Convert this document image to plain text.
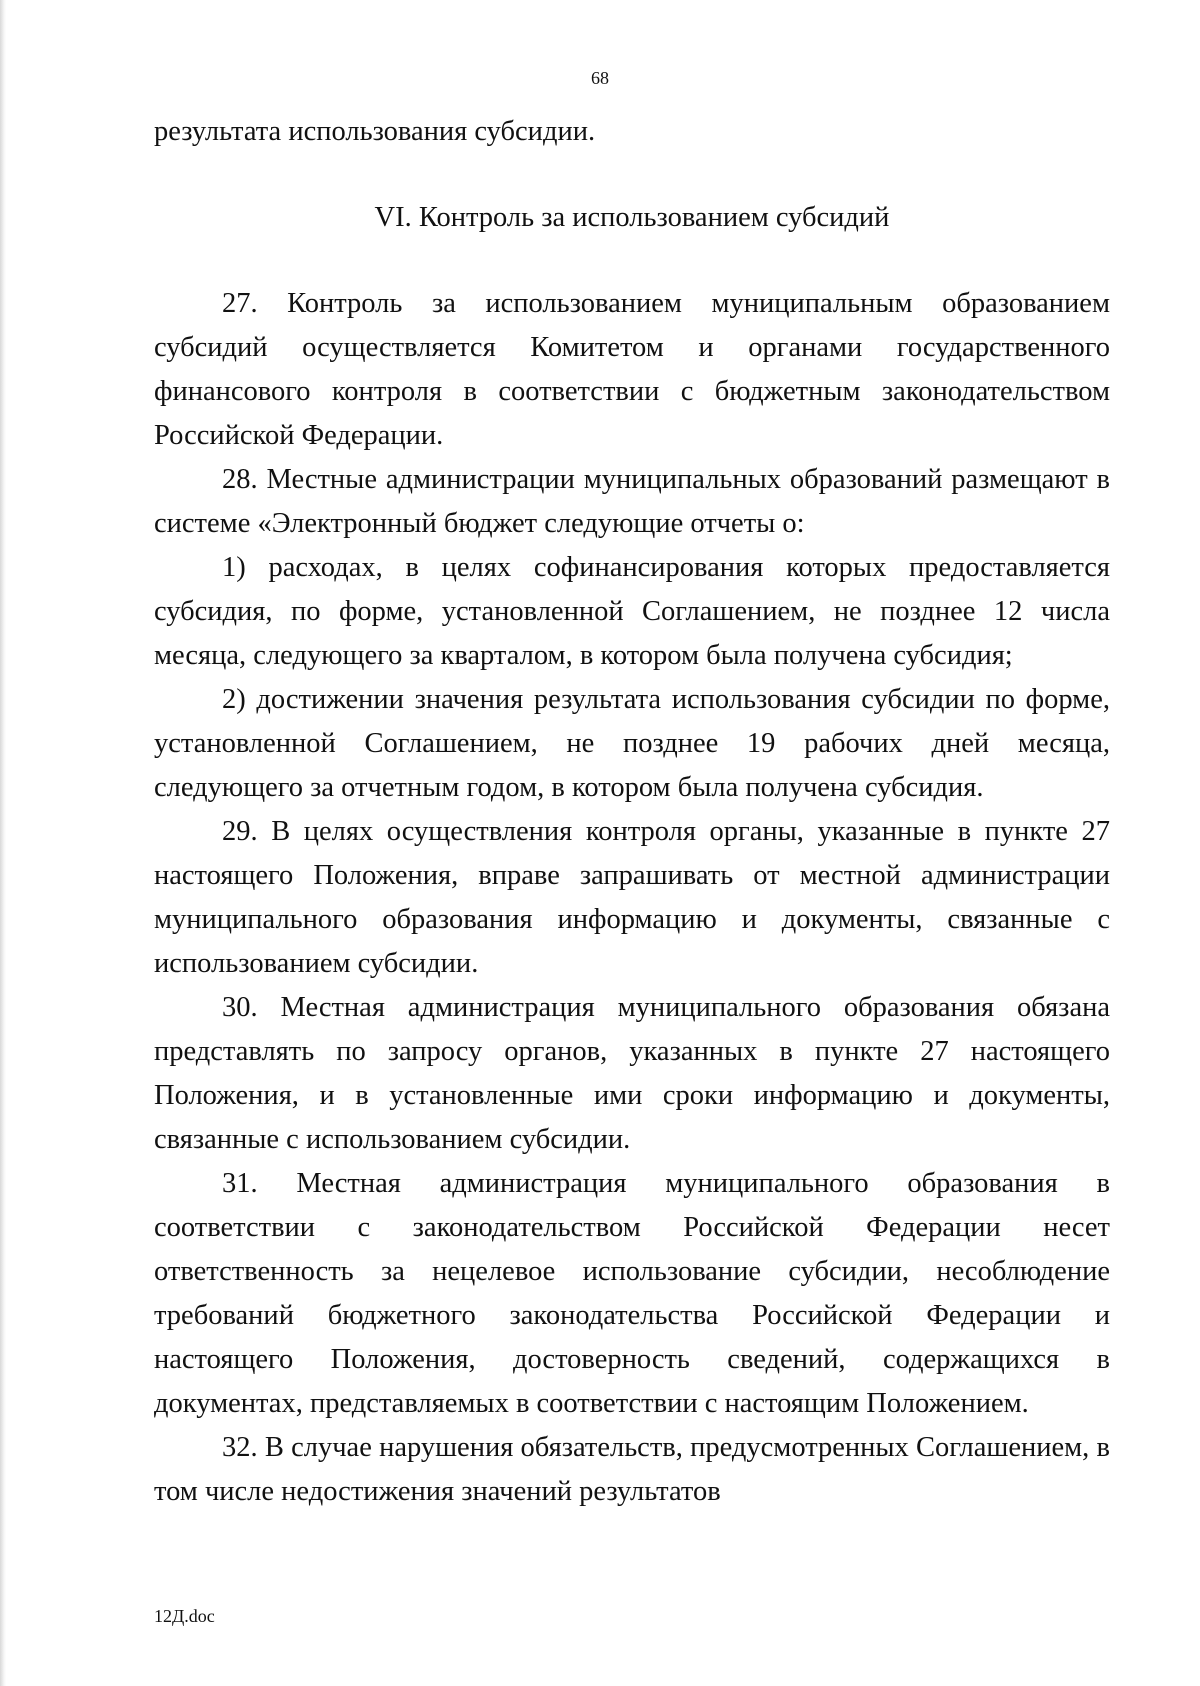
68

результата использования субсидии.

VI. Контроль за использованием субсидий

27. Контроль за использованием муниципальным образованием субсидий осуществляется Комитетом и органами государственного финансового контроля в соответствии с бюджетным законодательством Российской Федерации.

28. Местные администрации муниципальных образований размещают в системе «Электронный бюджет следующие отчеты о:

1) расходах, в целях софинансирования которых предоставляется субсидия, по форме, установленной Соглашением, не позднее 12 числа месяца, следующего за кварталом, в котором была получена субсидия;

2) достижении значения результата использования субсидии по форме, установленной Соглашением, не позднее 19 рабочих дней месяца, следующего за отчетным годом, в котором была получена субсидия.

29. В целях осуществления контроля органы, указанные в пункте 27 настоящего Положения, вправе запрашивать от местной администрации муниципального образования информацию и документы, связанные с использованием субсидии.

30. Местная администрация муниципального образования обязана представлять по запросу органов, указанных в пункте 27 настоящего Положения, и в установленные ими сроки информацию и документы, связанные с использованием субсидии.

31. Местная администрация муниципального образования в соответствии с законодательством Российской Федерации несет ответственность за нецелевое использование субсидии, несоблюдение требований бюджетного законодательства Российской Федерации и настоящего Положения, достоверность сведений, содержащихся в документах, представляемых в соответствии с настоящим Положением.

32. В случае нарушения обязательств, предусмотренных Соглашением, в том числе недостижения значений результатов

12Д.doc
